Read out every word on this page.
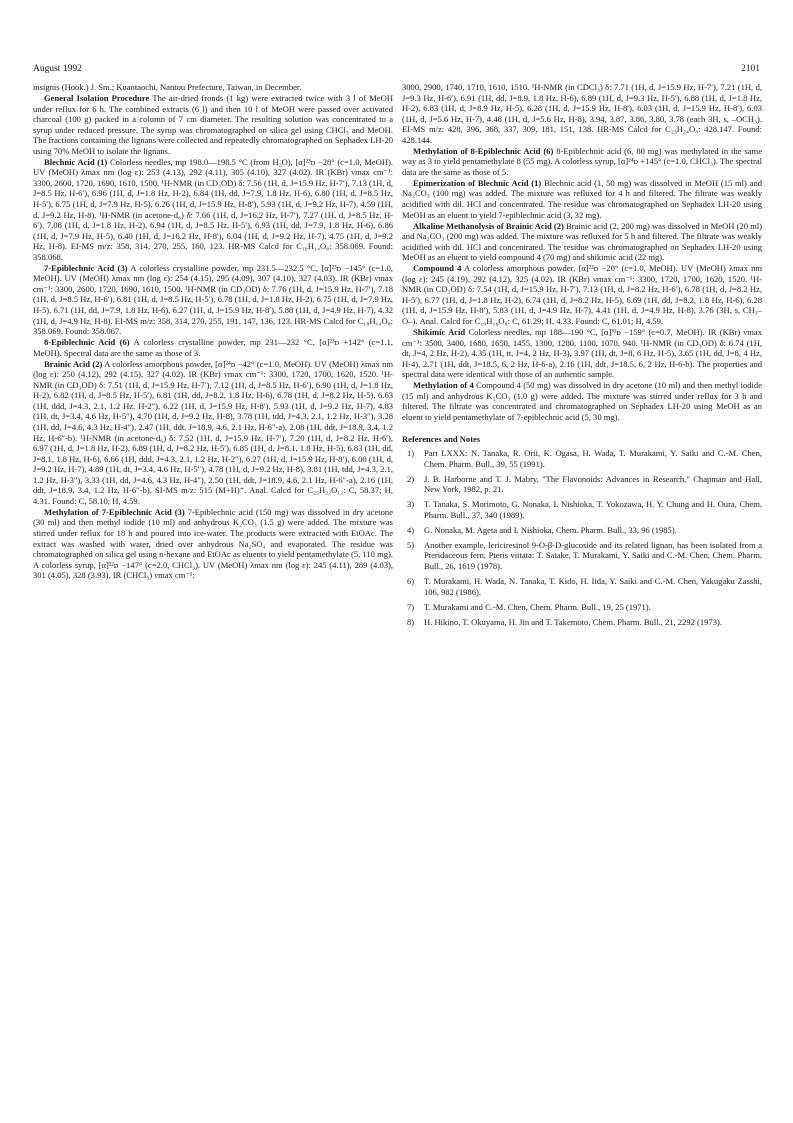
August 1992	2101

insignis (Hook.) J. Sm.; Kuantaochi, Nantou Prefecture, Taiwan, in December.

General Isolation Procedure The air-dried fronds (1 kg) were extracted twice with 3 l of MeOH under reflux for 6 h. The combined extracts (6 l) and then 10 l of MeOH were passed over activated charcoal (100 g) packed in a column of 7 cm diameter. The resulting solution was concentrated to a syrup under reduced pressure. The syrup was chromatographed on silica gel using CHCl₃ and MeOH. The fractions containing the lignans were collected and repeatedly chromatographed on Sephadex LH-20 using 70% MeOH to isolate the lignans.

Blechnic Acid (1) Colorless needles, mp 198.0—198.5 °C (from H₂O), [α]²³ᴅ −28° (c=1.0, MeOH). UV (MeOH) λmax nm (log ε): 253 (4.13), 292 (4.11), 305 (4.10), 327 (4.02). IR (KBr) νmax cm⁻¹: 3300, 2600, 1720, 1690, 1610, 1500. ¹H-NMR (in CD₃OD) δ: 7.56 (1H, d, J=15.9 Hz, H-7′), 7.13 (1H, d, J=8.5 Hz, H-6′), 6.96 (1H, d, J=1.8 Hz, H-2), 6.84 (1H, dd, J=7.9, 1.8 Hz, H-6), 6.80 (1H, d, J=8.5 Hz, H-5′), 6.75 (1H, d, J=7.9 Hz, H-5), 6.26 (1H, d, J=15.9 Hz, H-8′), 5.93 (1H, d, J=9.2 Hz, H-7), 4.59 (1H, d, J=9.2 Hz, H-8). ¹H-NMR (in acetone-d₆) δ: 7.66 (1H, d, J=16.2 Hz, H-7′), 7.27 (1H, d, J=8.5 Hz, H-6′), 7.08 (1H, d, J=1.8 Hz, H-2), 6.94 (1H, d, J=8.5 Hz, H-5′), 6.93 (1H, dd, J=7.9, 1.8 Hz, H-6), 6.86 (1H, d, J=7.9 Hz, H-5), 6.40 (1H, d, J=16.2 Hz, H-8′), 6.04 (1H, d, J=9.2 Hz, H-7), 4.75 (1H, d, J=9.2 Hz, H-8). EI-MS m/z: 358, 314, 270, 255, 160, 123. HR-MS Calcd for C₁₈H₁₄O₈: 358.069. Found: 358.068.

7-Epiblechnic Acid (3) A colorless crystalline powder, mp 231.5—232.5 °C, [α]²³ᴅ −145° (c=1.0, MeOH). UV (MeOH) λmax nm (log ε): 254 (4.15), 295 (4.09), 307 (4.10), 327 (4.03). IR (KBr) νmax cm⁻¹: 3300, 2600, 1720, 1690, 1610, 1500. ¹H-NMR (in CD₃OD) δ: 7.76 (1H, d, J=15.9 Hz, H-7′), 7.18 (1H, d, J=8.5 Hz, H-6′), 6.81 (1H, d, J=8.5 Hz, H-5′), 6.78 (1H, d, J=1.8 Hz, H-2), 6.75 (1H, d, J=7.9 Hz, H-5), 6.71 (1H, dd, J=7.9, 1.8 Hz, H-6), 6.27 (1H, d, J=15.9 Hz, H-8′), 5.88 (1H, d, J=4.9 Hz, H-7), 4.32 (1H, d, J=4.9 Hz, H-8). EI-MS m/z: 358, 314, 270, 255, 191, 147, 136, 123. HR-MS Calcd for C₁₈H₁₄O₈: 358.069. Found: 358.067.

8-Epiblechnic Acid (6) A colorless crystalline powder, mp 231—232 °C, [α]²³ᴅ +142° (c=1.1, MeOH). Spectral data are the same as those of 3.

Brainic Acid (2) A colorless amorphous powder, [α]²⁴ᴅ −42° (c=1.0, MeOH). UV (MeOH) λmax nm (log ε): 250 (4.12), 292 (4.15), 327 (4.02). IR (KBr) νmax cm⁻¹: 3300, 1720, 1700, 1620, 1520. ¹H-NMR (in CD₃OD) δ: 7.51 (1H, d, J=15.9 Hz, H-7′), 7.12 (1H, d, J=8.5 Hz, H-6′), 6.90 (1H, d, J=1.8 Hz, H-2), 6.82 (1H, d, J=8.5 Hz, H-5′), 6.81 (1H, dd, J=8.2, 1.8 Hz, H-6), 6.78 (1H, d, J=8.2 Hz, H-5), 6.63 (1H, ddd, J=4.3, 2.1, 1.2 Hz, H-2″), 6.22 (1H, d, J=15.9 Hz, H-8′), 5.93 (1H, d, J=9.2 Hz, H-7), 4.83 (1H, dt, J=3.4, 4.6 Hz, H-5″), 4.70 (1H, d, J=9.2 Hz, H-8), 3.78 (1H, tdd, J=4.3, 2.1, 1.2 Hz, H-3″), 3.28 (1H, dd, J=4.6, 4.3 Hz, H-4″), 2.47 (1H, ddt, J=18.9, 4.6, 2.1 Hz, H-6″-a), 2.08 (1H, ddt, J=18.9, 3.4, 1.2 Hz, H-6″-b). ¹H-NMR (in acetone-d₆) δ: 7.52 (1H, d, J=15.9 Hz, H-7′), 7.20 (1H, d, J=8.2 Hz, H-6′), 6.97 (1H, d, J=1.8 Hz, H-2), 6.89 (1H, d, J=8.2 Hz, H-5′), 6.85 (1H, d, J=8.1, 1.8 Hz, H-5), 6.83 (1H, dd, J=8.1, 1.8 Hz, H-6), 6.66 (1H, ddd, J=4.3, 2.1, 1.2 Hz, H-2″), 6.27 (1H, d, J=15.9 Hz, H-8′), 6.00 (1H, d, J=9.2 Hz, H-7), 4.89 (1H, dt, J=3.4, 4.6 Hz, H-5″), 4.78 (1H, d, J=9.2 Hz, H-8), 3.81 (1H, tdd, J=4.3, 2.1, 1.2 Hz, H-3″), 3.33 (1H, dd, J=4.6, 4.3 Hz, H-4″), 2.50 (1H, ddt, J=18.9, 4.6, 2.1 Hz, H-6″-a), 2.16 (1H, ddt, J=18.9, 3.4, 1.2 Hz, H-6″-b). SI-MS m/z: 515 (M+H)⁺. Anal. Calcd for C₂₅H₂₂O₁₂: C, 58.37; H, 4.31. Found: C, 58.10; H, 4.59.

Methylation of 7-Epiblechnic Acid (3) 7-Epiblechnic acid (150 mg) was dissolved in dry acetone (30 ml) and then methyl iodide (10 ml) and anhydrous K₂CO₃ (1.5 g) were added. The mixture was stirred under reflux for 18 h and poured into ice-water. The products were extracted with EtOAc. The extract was washed with water, dried over anhydrous Na₂SO₄ and evaporated. The residue was chromatographed on silica gel using n-hexane and EtOAc as eluents to yield pentamethylate (5, 110 mg). A colorless syrup, [α]²²ᴅ −147° (c=2.0, CHCl₃). UV (MeOH) λmax nm (log ε): 245 (4.11), 289 (4.03), 301 (4.05), 328 (3.93). IR (CHCl₃) νmax cm⁻¹:

3000, 2900, 1740, 1710, 1610, 1510. ¹H-NMR (in CDCl₃) δ: 7.71 (1H, d, J=15.9 Hz, H-7′), 7.21 (1H, d, J=9.3 Hz, H-6′), 6.91 (1H, dd, J=8.9, 1.8 Hz, H-6), 6.89 (1H, d, J=9.3 Hz, H-5′), 6.88 (1H, d, J=1.8 Hz, H-2), 6.83 (1H, d, J=8.9 Hz, H-5), 6.28 (1H, d, J=15.9 Hz, H-8′), 6.03 (1H, d, J=15.9 Hz, H-8′), 6.03 (1H, d, J=5.6 Hz, H-7), 4.48 (1H, d, J=5.6 Hz, H-8), 3.94, 3.87, 3.86, 3.80, 3.78 (each 3H, s, –OCH₃). EI-MS m/z: 428, 396, 368, 337, 309, 181, 151, 138. HR-MS Calcd for C₂₃H₂₄O₈: 428.147. Found: 428.144.

Methylation of 8-Epiblechnic Acid (6) 8-Epiblechnic acid (6, 80 mg) was methylated in the same way as 3 to yield pentamethylate 8 (55 mg). A colorless syrup, [α]²⁴ᴅ +145° (c=1.0, CHCl₃). The spectral data are the same as those of 5.

Epimerization of Blechnic Acid (1) Blechnic acid (1, 50 mg) was dissolved in MeOH (15 ml) and Na₂CO₃ (100 mg) was added. The mixture was refluxed for 4 h and filtered. The filtrate was weakly acidified with dil. HCl and concentrated. The residue was chromatographed on Sephadex LH-20 using MeOH as an eluent to yield 7-epiblechnic acid (3, 32 mg).

Alkaline Methanolysis of Brainic Acid (2) Brainic acid (2, 200 mg) was dissolved in MeOH (20 ml) and Na₂CO₃ (200 mg) was added. The mixture was refluxed for 5 h and filtered. The filtrate was weakly acidified with dil. HCl and concentrated. The residue was chromatographed on Sephadex LH-20 using MeOH as an eluent to yield compound 4 (70 mg) and shikimic acid (22 mg).

Compound 4 A colorless amorphous powder, [α]²²ᴅ −20° (c=1.0, MeOH). UV (MeOH) λmax nm (log ε): 245 (4.19), 292 (4.12), 325 (4.02). IR (KBr) νmax cm⁻¹: 3300, 1720, 1700, 1620, 1520. ¹H-NMR (in CD₃OD) δ: 7.54 (1H, d, J=15.9 Hz, H-7′), 7.13 (1H, d, J=8.2 Hz, H-6′), 6.78 (1H, d, J=8.2 Hz, H-5′), 6.77 (1H, d, J=1.8 Hz, H-2), 6.74 (1H, d, J=8.2 Hz, H-5), 6.69 (1H, dd, J=8.2, 1.8 Hz, H-6), 6.28 (1H, d, J=15.9 Hz, H-8′), 5.83 (1H, d, J=4.9 Hz, H-7), 4.41 (1H, d, J=4.9 Hz, H-8), 3.76 (3H, s, CH₃–O–). Anal. Calcd for C₁₉H₁₆O₈: C, 61.29; H, 4.33. Found: C, 61.01; H, 4.59.

Shikimic Acid Colorless needles, mp 188—190 °C, [α]³¹ᴅ −159° (c=0.7, MeOH). IR (KBr) νmax cm⁻¹: 3500, 3400, 1680, 1650, 1455, 1300, 1280, 1100, 1070, 940. ¹H-NMR (in CD₃OD) δ: 6.74 (1H, dt, J=4, 2 Hz, H-2), 4.35 (1H, tt, J=4, 2 Hz, H-3), 3.97 (1H, dt, J=8, 6 Hz, H-5), 3.65 (1H, dd, J=8, 4 Hz, H-4), 2.71 (1H, ddt, J=18.5, 6, 2 Hz, H-6-a), 2.16 (1H, ddt, J=18.5, 6, 2 Hz, H-6-b). The properties and spectral data were identical with those of an authentic sample.

Methylation of 4 Compound 4 (50 mg) was dissolved in dry acetone (10 ml) and then methyl iodide (15 ml) and anhydrous K₂CO₃ (1.0 g) were added. The mixture was stirred under reflux for 3 h and filtered. The filtrate was concentrated and chromatographed on Sephadex LH-20 using MeOH as an eluent to yield pentamethylate of 7-epiblechnic acid (5, 30 mg).

References and Notes
1) Part LXXX: N. Tanaka, R. Orii, K. Ogasa, H. Wada, T. Murakami, Y. Saiki and C.-M. Chen, Chem. Pharm. Bull., 39, 55 (1991).
2) J. B. Harborne and T. J. Mabry, "The Flavonoids: Advances in Research," Chapman and Hall, New York, 1982, p. 21.
3) T. Tanaka, S. Morimoto, G. Nonaka, I. Nishioka, T. Yokozawa, H. Y. Chung and H. Oura, Chem. Pharm. Bull., 37, 340 (1989).
4) G. Nonaka, M. Ageta and I. Nishioka, Chem. Pharm. Bull., 33, 96 (1985).
5) Another example, lericiresinol 9-O-β-D-glucoside and its related lignan, has been isolated from a Pteridaceous fern, Pteris vittata: T. Satake, T. Murakami, Y. Saiki and C.-M. Chen, Chem. Pharm. Bull., 26, 1619 (1978).
6) T. Murakami, H. Wada, N. Tanaka, T. Kido, H. Iida, Y. Saiki and C.-M. Chen, Yakugaku Zasshi, 106, 982 (1986).
7) T. Murakami and C.-M. Chen, Chem. Pharm. Bull., 19, 25 (1971).
8) H. Hikino, T. Okuyama, H. Jin and T. Takemoto, Chem. Pharm. Bull., 21, 2292 (1973).
